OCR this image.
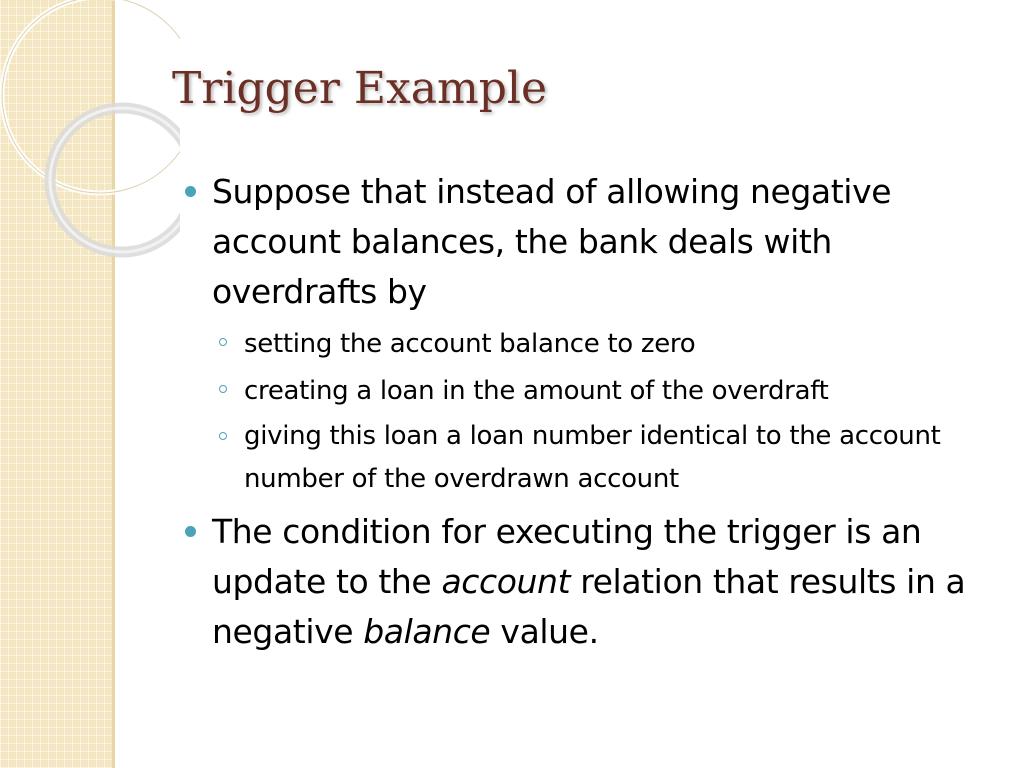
Trigger Example
Suppose that instead of allowing negative account balances, the bank deals with overdrafts by
setting the account balance to zero
creating a loan in the amount of the overdraft
giving this loan a loan number identical to the account number of the overdrawn account
The condition for executing the trigger is an update to the account relation that results in a negative balance value.
